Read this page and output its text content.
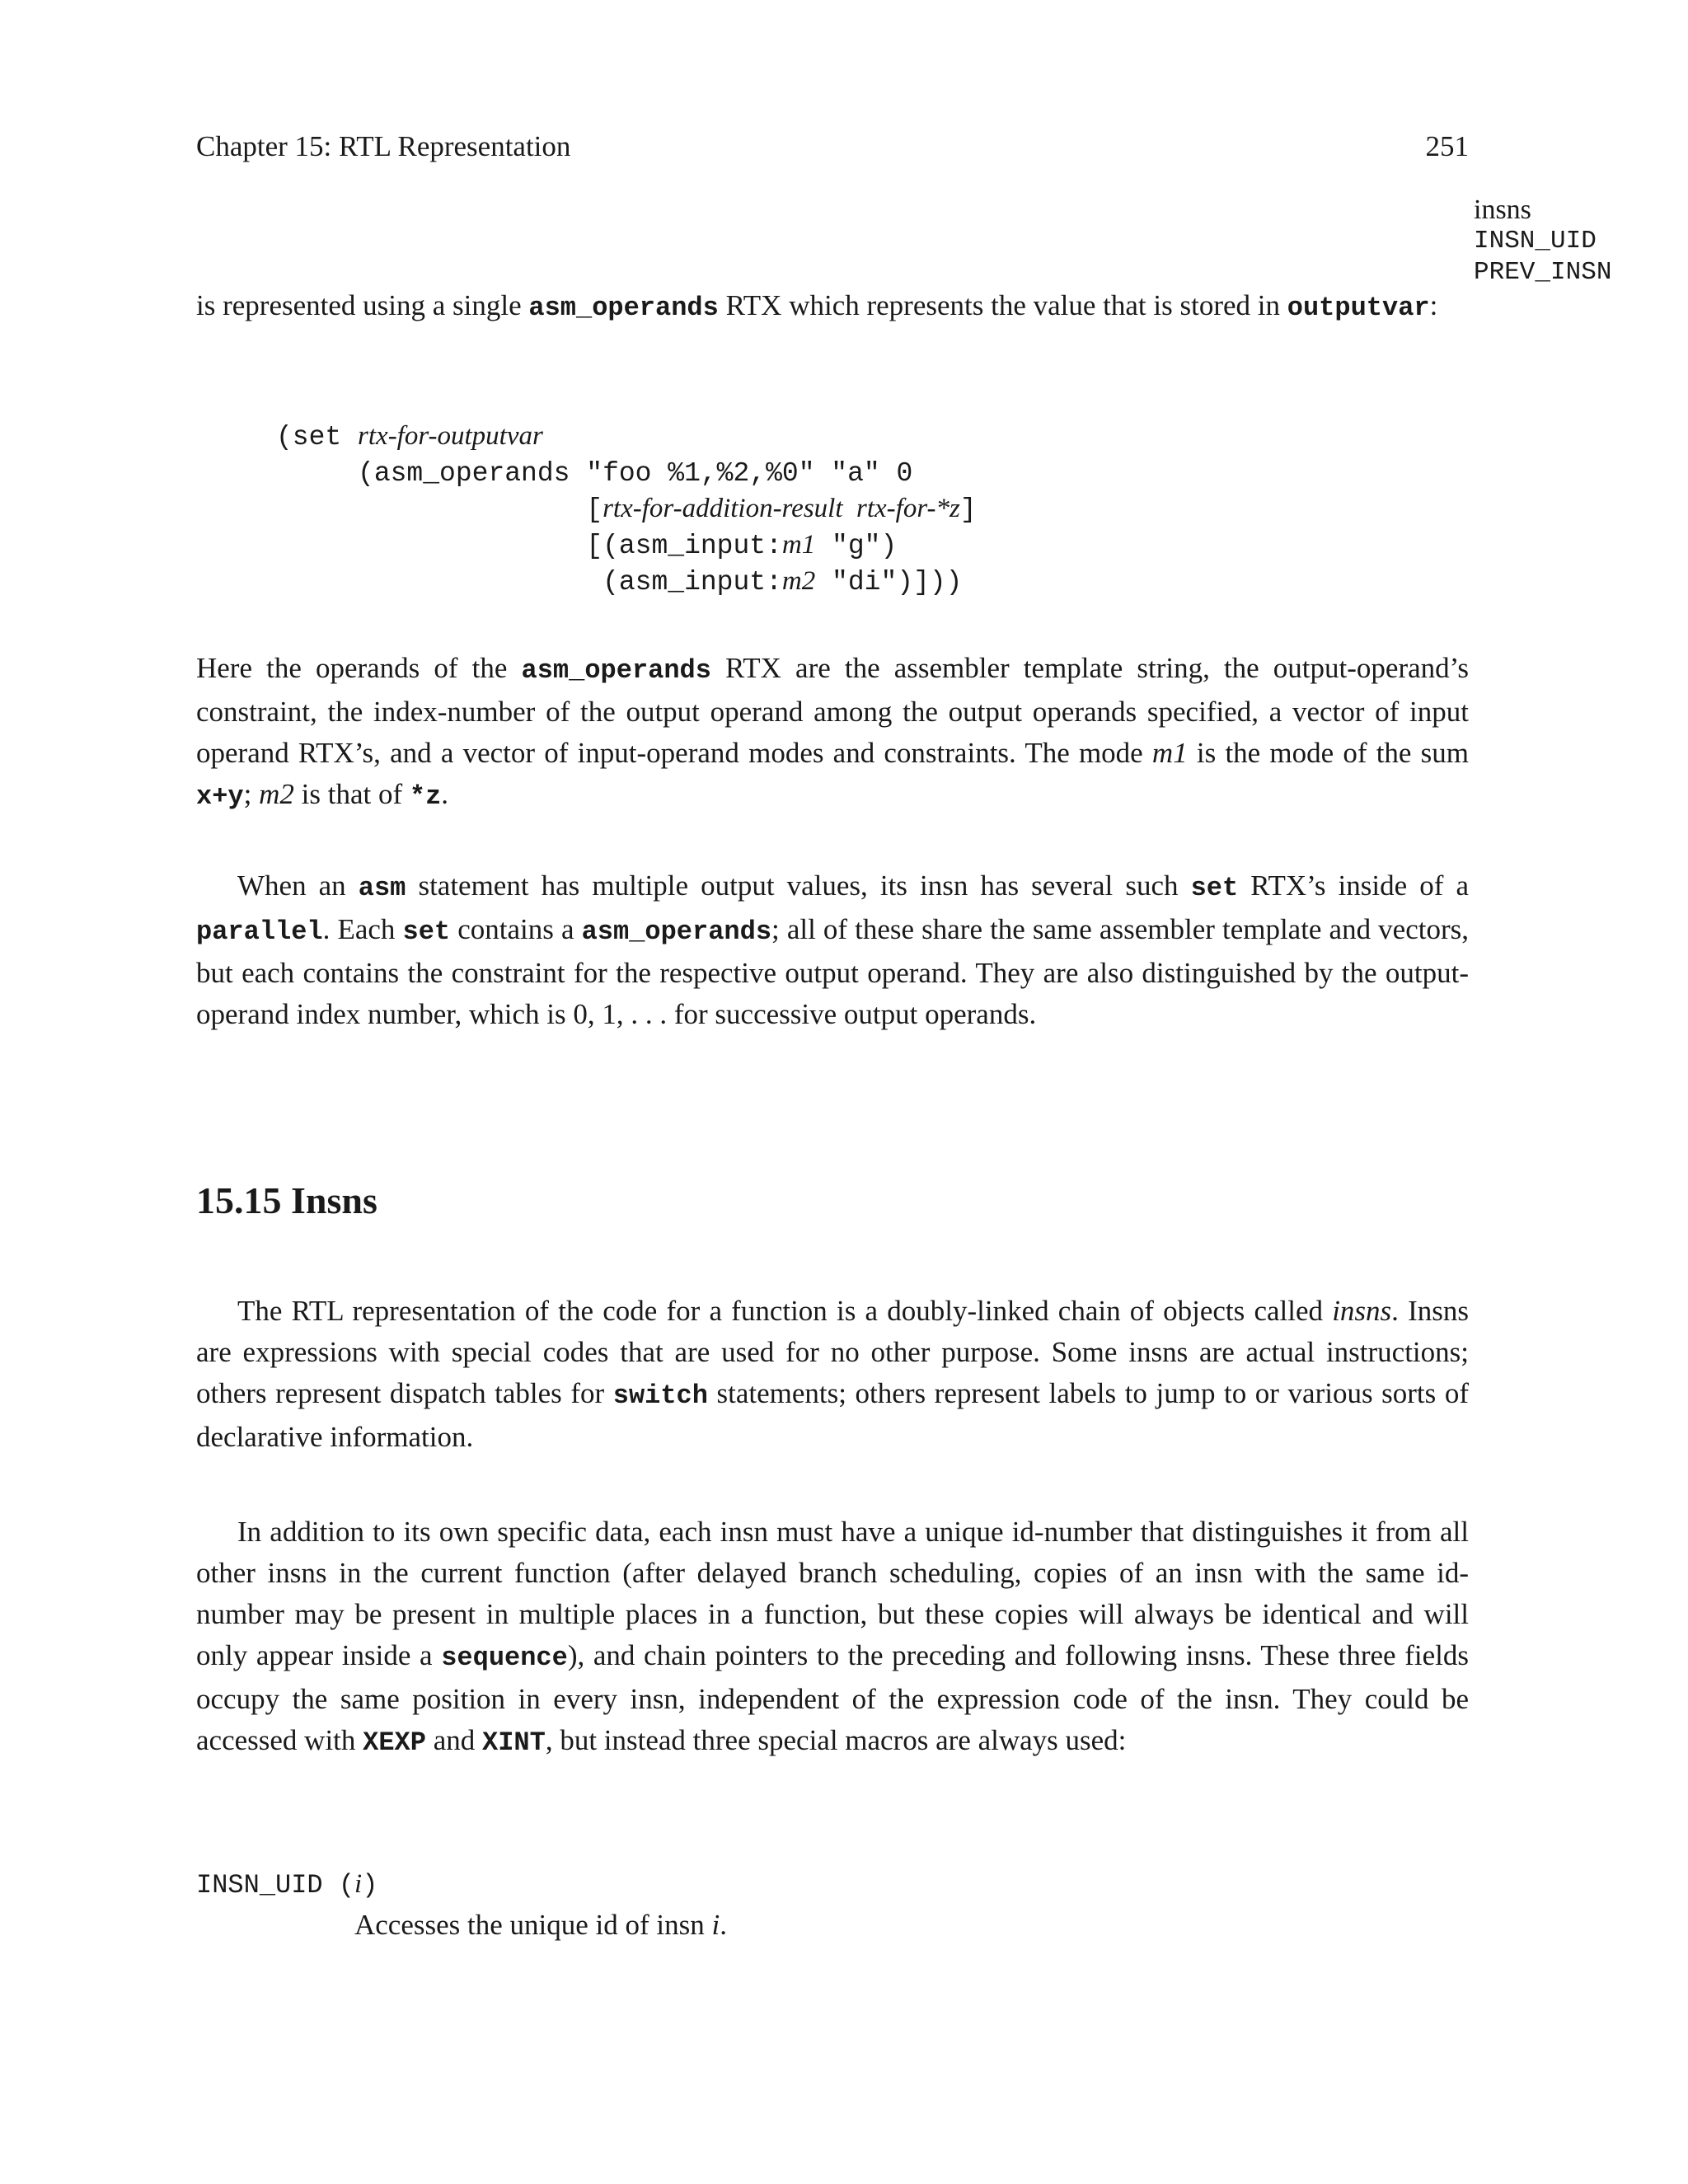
Chapter 15: RTL Representation	251
insns
INSN_UID
PREV_INSN
is represented using a single asm_operands RTX which represents the value that is stored in outputvar:
(set rtx-for-outputvar
(asm_operands "foo %1,%2,%0" "a" 0
[rtx-for-addition-result  rtx-for-*z]
[(asm_input:m1 "g")
(asm_input:m2 "di")]))
Here the operands of the asm_operands RTX are the assembler template string, the output-operand’s constraint, the index-number of the output operand among the output operands specified, a vector of input operand RTX’s, and a vector of input-operand modes and constraints. The mode m1 is the mode of the sum x+y; m2 is that of *z.
When an asm statement has multiple output values, its insn has several such set RTX’s inside of a parallel. Each set contains a asm_operands; all of these share the same assembler template and vectors, but each contains the constraint for the respective output operand. They are also distinguished by the output-operand index number, which is 0, 1, . . . for successive output operands.
15.15 Insns
The RTL representation of the code for a function is a doubly-linked chain of objects called insns. Insns are expressions with special codes that are used for no other purpose. Some insns are actual instructions; others represent dispatch tables for switch statements; others represent labels to jump to or various sorts of declarative information.
In addition to its own specific data, each insn must have a unique id-number that distinguishes it from all other insns in the current function (after delayed branch scheduling, copies of an insn with the same id-number may be present in multiple places in a function, but these copies will always be identical and will only appear inside a sequence), and chain pointers to the preceding and following insns. These three fields occupy the same position in every insn, independent of the expression code of the insn. They could be accessed with XEXP and XINT, but instead three special macros are always used:
INSN_UID (i)
Accesses the unique id of insn i.
